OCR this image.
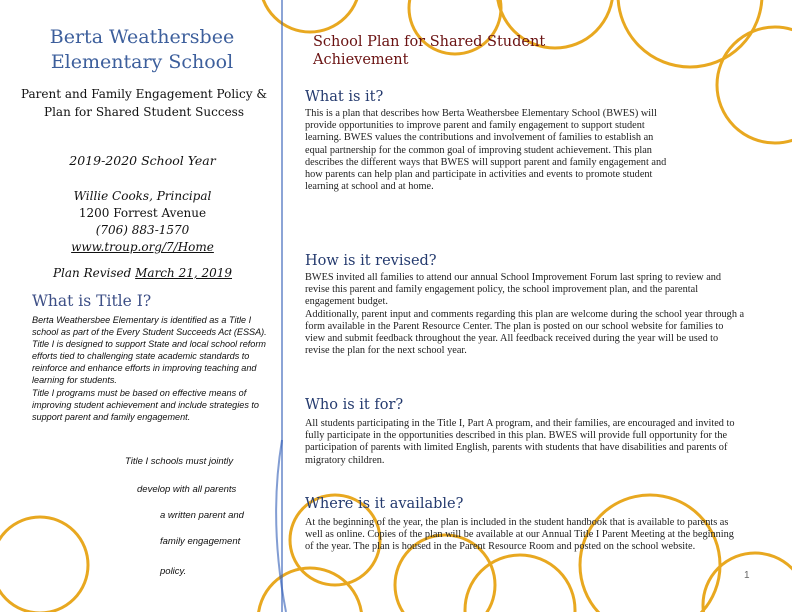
Berta Weathersbee Elementary School
Parent and Family Engagement Policy & Plan for Shared Student Success
2019-2020 School Year
Willie Cooks, Principal
1200 Forrest Avenue
(706) 883-1570
www.troup.org/7/Home
Plan Revised March 21, 2019
What is Title I?

Berta Weathersbee Elementary is identified as a Title I school as part of the Every Student Succeeds Act (ESSA). Title I is designed to support State and local school reform efforts tied to challenging state academic standards to reinforce and enhance efforts in improving teaching and learning for students.

Title I programs must be based on effective means of improving student achievement and include strategies to support parent and family engagement.

Title I schools must jointly
develop with all parents
a written parent and
family engagement
policy.
School Plan for Shared Student Achievement
What is it?

This is a plan that describes how Berta Weathersbee Elementary School (BWES) will provide opportunities to improve parent and family engagement to support student learning. BWES values the contributions and involvement of families to establish an equal partnership for the common goal of improving student achievement. This plan describes the different ways that BWES will support parent and family engagement and how parents can help plan and participate in activities and events to promote student learning at school and at home.

How is it revised?

BWES invited all families to attend our annual School Improvement Forum last spring to review and revise this parent and family engagement policy, the school improvement plan, and the parental engagement budget.

Additionally, parent input and comments regarding this plan are welcome during the school year through a form available in the Parent Resource Center. The plan is posted on our school website for families to view and submit feedback throughout the year. All feedback received during the year will be used to revise the plan for the next school year.

Who is it for?

All students participating in the Title I, Part A program, and their families, are encouraged and invited to fully participate in the opportunities described in this plan. BWES will provide full opportunity for the participation of parents with limited English, parents with students that have disabilities and parents of migratory children.

Where is it available?

At the beginning of the year, the plan is included in the student handbook that is available to parents as well as online. Copies of the plan will be available at our Annual Title I Parent Meeting at the beginning of the year. The plan is housed in the Parent Resource Room and posted on the school website.

1
